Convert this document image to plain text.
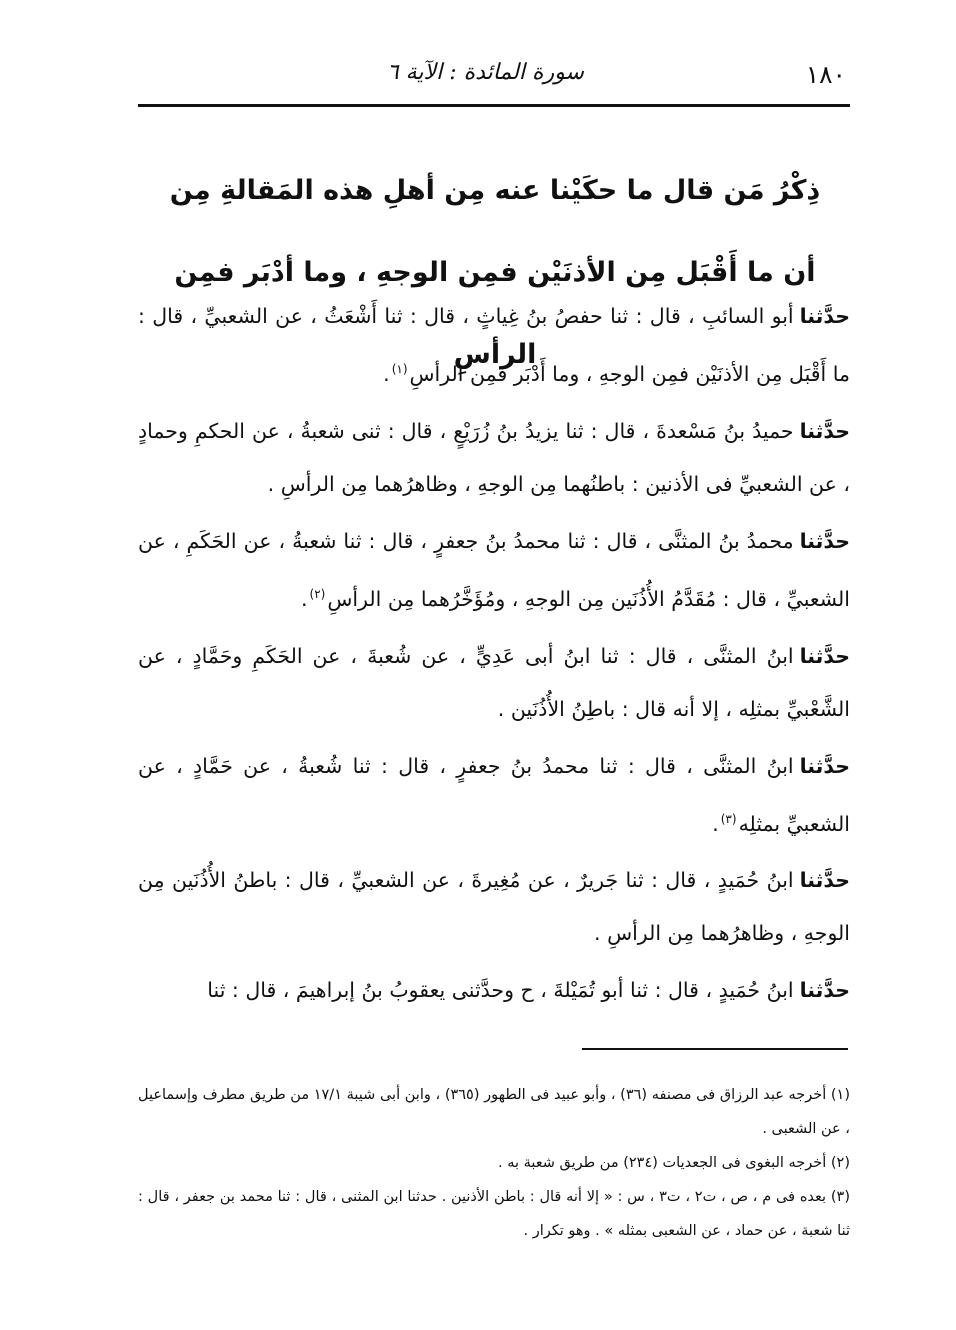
١٨٠
سورة المائدة : الآية ٦
ذِكْرُ مَن قال ما حكَيْنا عنه مِن أهلِ هذه المَقالةِ مِن أن ما أَقْبَل مِن الأذنَيْن فمِن الوجهِ ، وما أدْبَر فمِن الرأسِ

حدَّثناأبو السائبِ ، قال : ثنا حفصُ بنُ غِياثٍ ، قال : ثنا أَشْعَثُ ، عن الشعبيِّ ، قال : ما أَقْبَل مِن الأذنَيْن فمِن الوجهِ ، وما أَدْبَر فمِن الرأسِ$^{(١)}$.

حدَّثناحميدُ بنُ مَسْعدةَ ، قال : ثنا يزيدُ بنُ زُرَيْعٍ ، قال : ثنى شعبةُ ، عن الحكمِ وحمادٍ ، عن الشعبيِّ فى الأذنين : باطنُهما مِن الوجهِ ، وظاهرُهما مِن الرأسِ .

حدَّثنامحمدُ بنُ المثنَّى ، قال : ثنا محمدُ بنُ جعفرٍ ، قال : ثنا شعبةُ ، عن الحَكَمِ ، عن الشعبيِّ ، قال : مُقَدَّمُ الأُذُنَين مِن الوجهِ ، ومُؤَخَّرُهما مِن الرأسِ$^{(٢)}$.

حدَّثناابنُ المثنَّى ، قال : ثنا ابنُ أبى عَدِيٍّ ، عن شُعبةَ ، عن الحَكَمِ وحَمَّادٍ ، عن الشَّعْبيِّ بمثلِه ، إلا أنه قال : باطِنُ الأُذُنَين .

حدَّثناابنُ المثنَّى ، قال : ثنا محمدُ بنُ جعفرٍ ، قال : ثنا شُعبةُ ، عن حَمَّادٍ ، عن الشعبيِّ بمثلِه$^{(٣)}$.

حدَّثناابنُ حُمَيدٍ ، قال : ثنا جَريرٌ ، عن مُغِيرةَ ، عن الشعبيِّ ، قال : باطنُ الأُذُنَين مِن الوجهِ ، وظاهرُهما مِن الرأسِ .

حدَّثناابنُ حُمَيدٍ ، قال : ثنا أبو تُمَيْلةَ ، ح وحدَّثنى يعقوبُ بنُ إبراهيمَ ، قال : ثنا

(١) أخرجه عبد الرزاق فى مصنفه (٣٦) ، وأبو عبيد فى الطهور (٣٦٥) ، وابن أبى شيبة ١٧/١ من طريق مطرف وإسماعيل ، عن الشعبى .

(٢) أخرجه البغوى فى الجعديات (٢٣٤) من طريق شعبة به .

(٣) بعده فى م ، ص ، ت٢ ، ت٣ ، س : « إلا أنه قال : باطن الأذنين . حدثنا ابن المثنى ، قال : ثنا محمد بن جعفر ، قال : ثنا شعبة ، عن حماد ، عن الشعبى بمثله » . وهو تكرار .
